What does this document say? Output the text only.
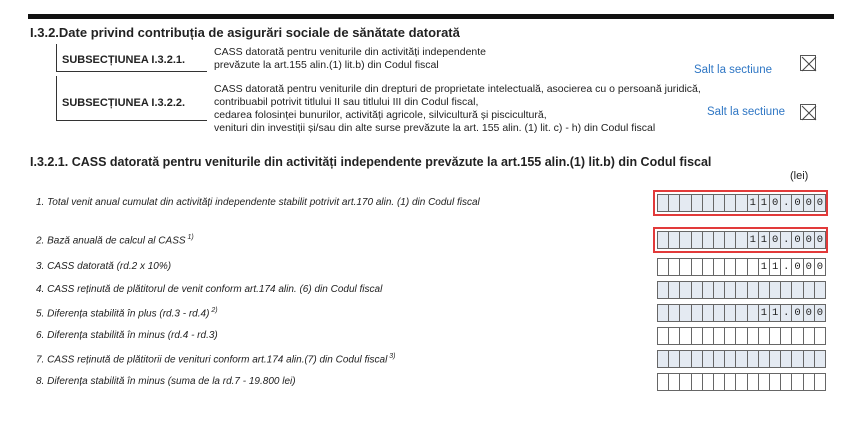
I.3.2.Date privind contribuția de asigurări sociale de sănătate datorată
SUBSECȚIUNEA I.3.2.1.
CASS datorată pentru veniturile din activități independente
prevăzute la art.155 alin.(1) lit.b) din Codul fiscal	Salt la sectiune
SUBSECȚIUNEA I.3.2.2.
CASS datorată pentru veniturile din drepturi de proprietate intelectuală, asocierea cu o persoană juridică,
contribuabil potrivit titlului II sau titlului III din Codul fiscal,
cedarea folosinței bunurilor, activități agricole, silvicultură și piscicultură,
venituri din investiții și/sau din alte surse prevăzute la art. 155 alin. (1) lit. c) - h) din Codul fiscal
Salt la sectiune
I.3.2.1. CASS datorată pentru veniturile din activități independente prevăzute la art.155 alin.(1) lit.b) din Codul fiscal
(lei)
1. Total venit anual cumulat din activități independente stabilit potrivit art.170 alin. (1) din Codul fiscal	1 1 0 . 0 0 0
2. Bază anuală de calcul al CASS $^{1)}$	1 1 0 . 0 0 0
3. CASS datorată (rd.2 x 10%)	1 1 . 0 0 0
4. CASS reținută de plătitorul de venit conform art.174 alin. (6) din Codul fiscal
5. Diferența stabilită în plus (rd.3 - rd.4) $^{2)}$	1 1 . 0 0 0
6. Diferența stabilită în minus (rd.4 - rd.3)
7. CASS reținută de plătitorii de venituri conform art.174 alin.(7) din Codul fiscal $^{3)}$
8. Diferența stabilită în minus (suma de la rd.7 - 19.800 lei)
